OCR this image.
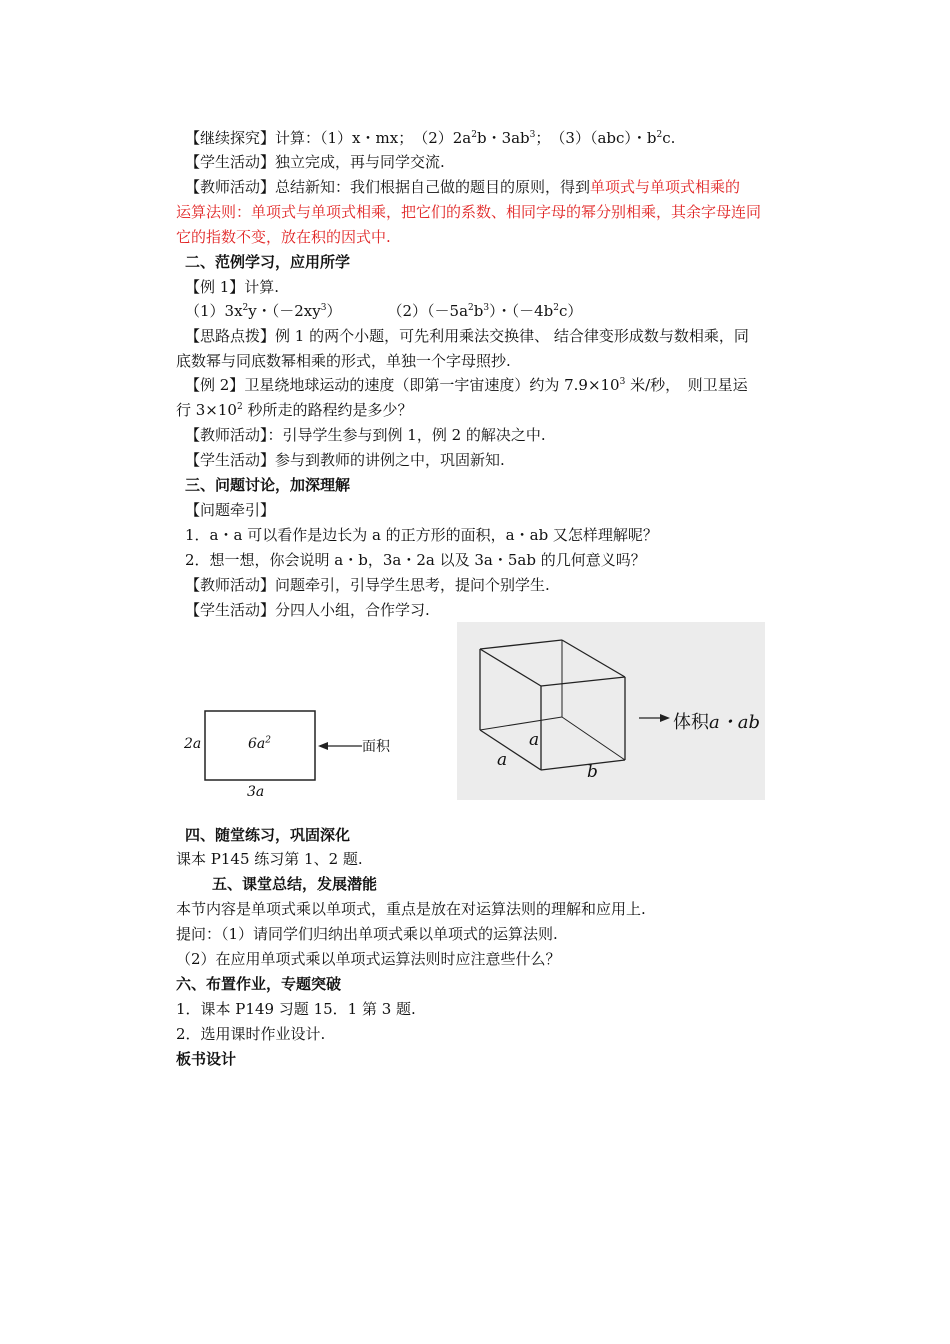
【继续探究】计算：（1）x・mx；　$(2)2a^2b$・$3ab^3$；　（3）（abc）・$b^2c$.
【学生活动】独立完成，再与同学交流.
【教师活动】总结新知：我们根据自己做的题目的原则，得到单项式与单项式相乘的
运算法则：单项式与单项式相乘，把它们的系数、相同字母的幂分别相乘，其余字母连同
它的指数不变，放在积的因式中.
二、范例学习，应用所学
【例 1】计算.
$(1)3x^2y$・$(-2xy^3)$	$(2)(-5a^2b^3)$・$(-4b^2c)$
【思路点拨】例 1 的两个小题，可先利用乘法交换律、 结合律变形成数与数相乘，同
底数幂与同底数幂相乘的形式，单独一个字母照抄.
【例 2】卫星绕地球运动的速度（即第一宇宙速度）约为 $7.9\times 10^3$ 米/秒，　则卫星运
行 $3\times 10^2$ 秒所走的路程约是多少？
【教师活动】：引导学生参与到例 1，例 2 的解决之中.
【学生活动】参与到教师的讲例之中，巩固新知.
三、问题讨论，加深理解
【问题牵引】
1．a・a 可以看作是边长为 a 的正方形的面积，a・ab 又怎样理解呢？
2．想一想，你会说明 a・b，3a・2a 以及 3a・5ab 的几何意义吗？
【教师活动】问题牵引，引导学生思考，提问个别学生.
【学生活动】分四人小组，合作学习.
2a	$6a^2$
3a
面积	a
a
b
体积a・ab
四、随堂练习，巩固深化
课本 P145 练习第 1、2 题.
五、课堂总结，发展潜能
本节内容是单项式乘以单项式，重点是放在对运算法则的理解和应用上.
提问：（1）请同学们归纳出单项式乘以单项式的运算法则.
（2）在应用单项式乘以单项式运算法则时应注意些什么？
六、布置作业，专题突破
1．课本 P149 习题 15．1 第 3 题.
2．选用课时作业设计.
板书设计
